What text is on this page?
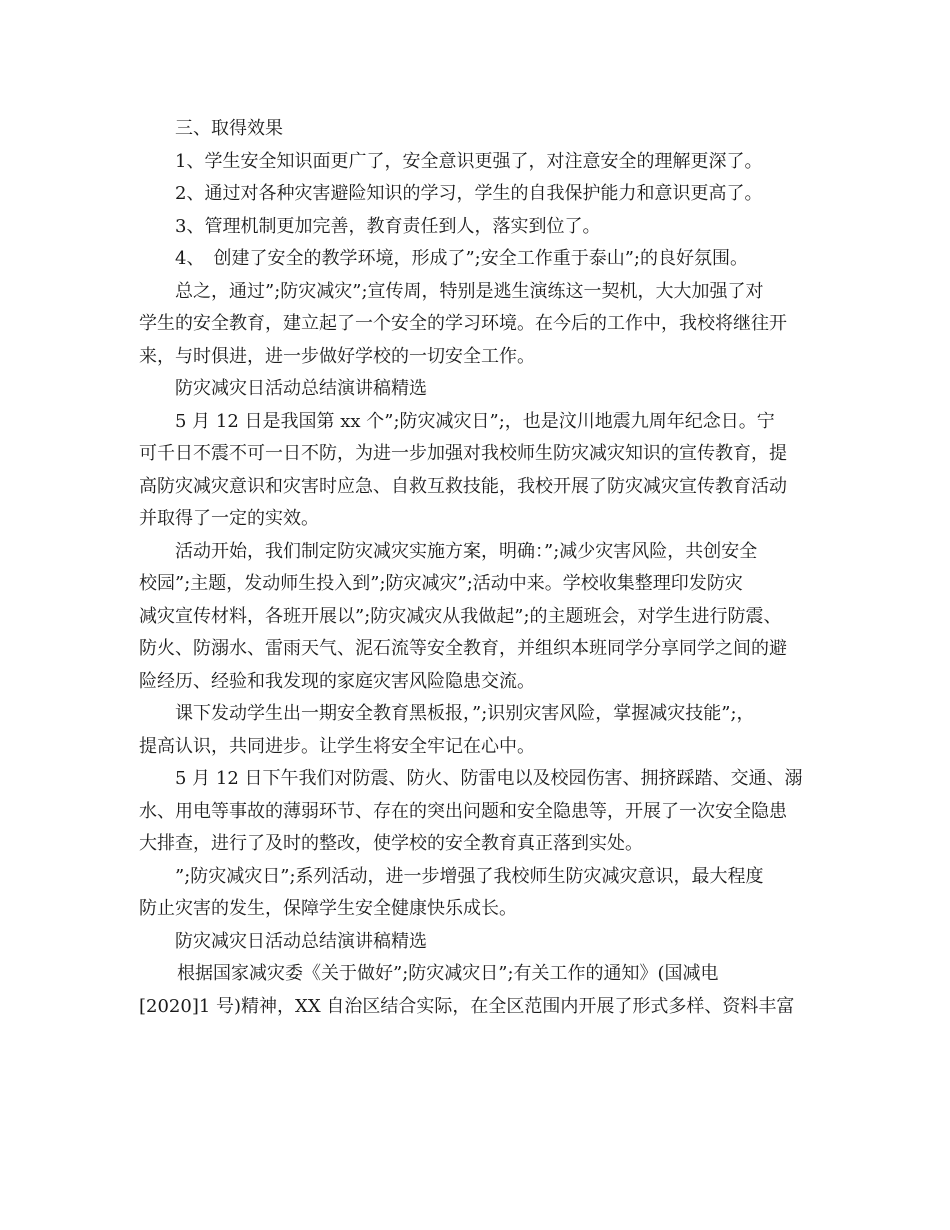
三、取得效果
1、学生安全知识面更广了，安全意识更强了，对注意安全的理解更深了。
2、通过对各种灾害避险知识的学习，学生的自我保护能力和意识更高了。
3、管理机制更加完善，教育责任到人，落实到位了。
4、　创建了安全的教学环境，形成了”;安全工作重于泰山”;的良好氛围。
总之，通过”;防灾减灾”;宣传周，特别是逃生演练这一契机，大大加强了对
学生的安全教育，建立起了一个安全的学习环境。在今后的工作中，我校将继往开
来，与时俱进，进一步做好学校的一切安全工作。
防灾减灾日活动总结演讲稿精选
5 月 12 日是我国第 xx 个”;防灾减灾日”;，也是汶川地震九周年纪念日。宁
可千日不震不可一日不防，为进一步加强对我校师生防灾减灾知识的宣传教育，提
高防灾减灾意识和灾害时应急、自救互救技能，我校开展了防灾减灾宣传教育活动
并取得了一定的实效。
活动开始，我们制定防灾减灾实施方案，明确：”;减少灾害风险，共创安全
校园”;主题，发动师生投入到”;防灾减灾”;活动中来。学校收集整理印发防灾
减灾宣传材料，各班开展以”;防灾减灾从我做起”;的主题班会，对学生进行防震、
防火、防溺水、雷雨天气、泥石流等安全教育，并组织本班同学分享同学之间的避
险经历、经验和我发现的家庭灾害风险隐患交流。
课下发动学生出一期安全教育黑板报，”;识别灾害风险，掌握减灾技能”;，
提高认识，共同进步。让学生将安全牢记在心中。
5 月 12 日下午我们对防震、防火、防雷电以及校园伤害、拥挤踩踏、交通、溺
水、用电等事故的薄弱环节、存在的突出问题和安全隐患等，开展了一次安全隐患
大排查，进行了及时的整改，使学校的安全教育真正落到实处。
”;防灾减灾日”;系列活动，进一步增强了我校师生防灾减灾意识，最大程度
防止灾害的发生，保障学生安全健康快乐成长。
防灾减灾日活动总结演讲稿精选
根据国家减灾委《关于做好”;防灾减灾日”;有关工作的通知》(国减电
[2020]1 号)精神，XX 自治区结合实际，在全区范围内开展了形式多样、资料丰富
